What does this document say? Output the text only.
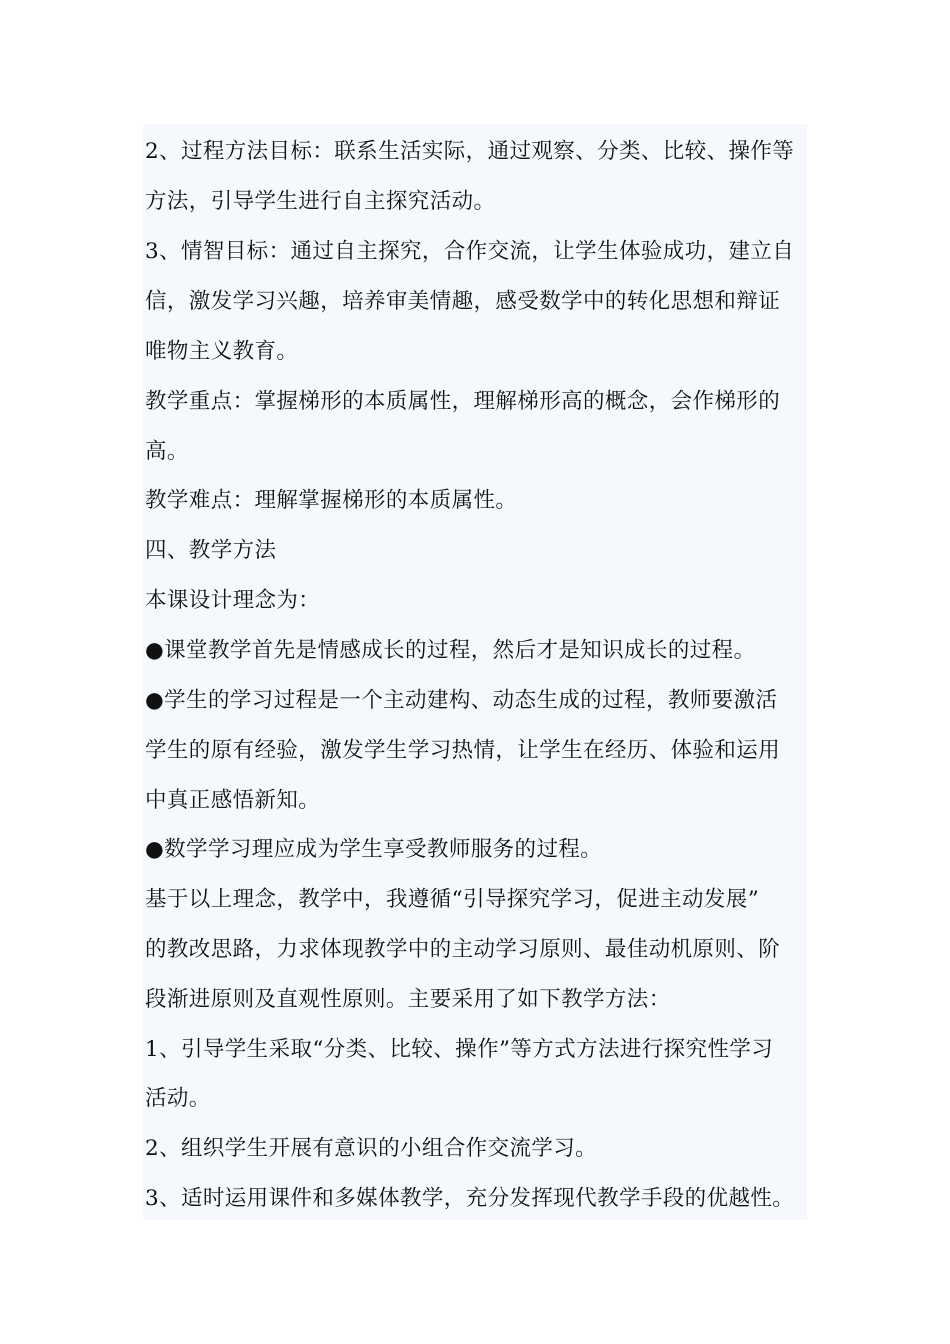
2、过程方法目标：联系生活实际，通过观察、分类、比较、操作等
方法，引导学生进行自主探究活动。
3、情智目标：通过自主探究，合作交流，让学生体验成功，建立自
信，激发学习兴趣，培养审美情趣，感受数学中的转化思想和辩证
唯物主义教育。
教学重点：掌握梯形的本质属性，理解梯形高的概念，会作梯形的
高。
教学难点：理解掌握梯形的本质属性。
四、教学方法
本课设计理念为：
●课堂教学首先是情感成长的过程，然后才是知识成长的过程。
●学生的学习过程是一个主动建构、动态生成的过程，教师要激活
学生的原有经验，激发学生学习热情，让学生在经历、体验和运用
中真正感悟新知。
●数学学习理应成为学生享受教师服务的过程。
基于以上理念，教学中，我遵循“引导探究学习，促进主动发展”
的教改思路，力求体现教学中的主动学习原则、最佳动机原则、阶
段渐进原则及直观性原则。主要采用了如下教学方法：
1、引导学生采取“分类、比较、操作”等方式方法进行探究性学习
活动。
2、组织学生开展有意识的小组合作交流学习。
3、适时运用课件和多媒体教学，充分发挥现代教学手段的优越性。
